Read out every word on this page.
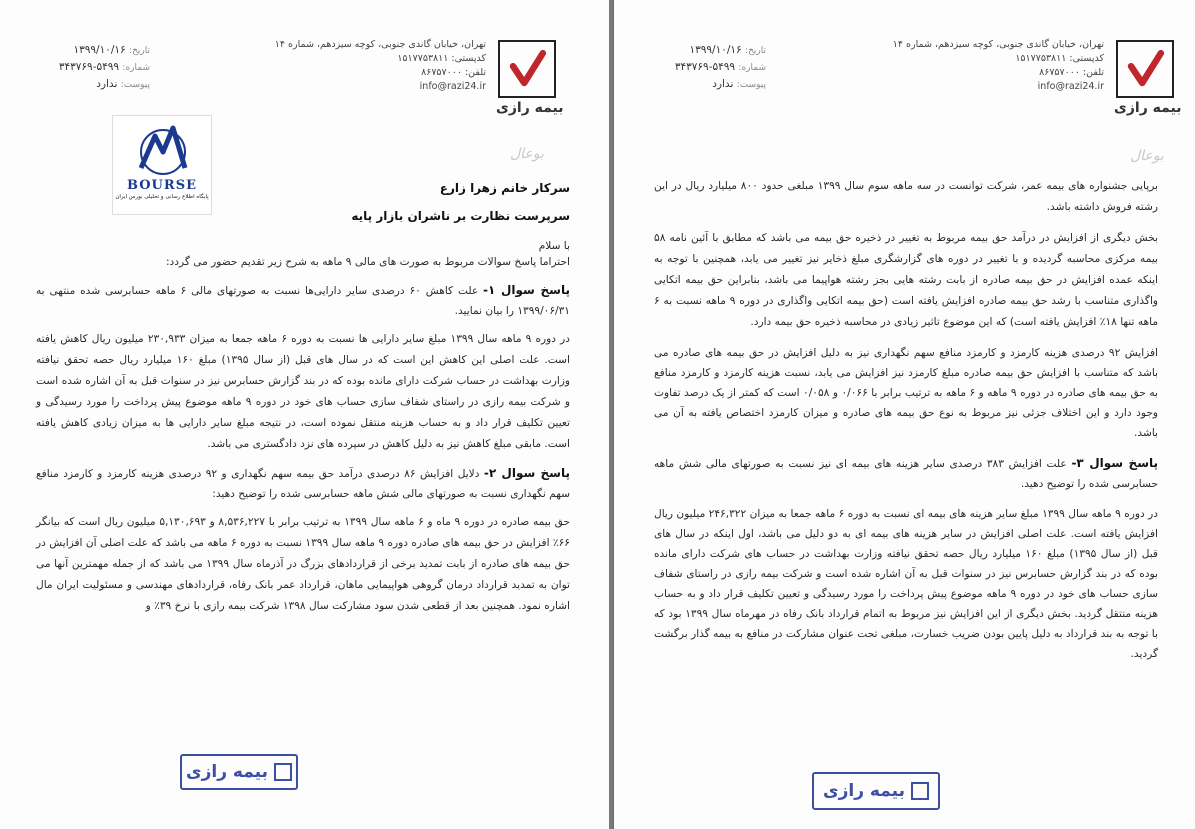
بیمه رازی
تهران، خیابان گاندی جنوبی، کوچه سیزدهم، شماره ۱۴
کدپستی: ۱۵۱۷۷۵۳۸۱۱
تلفن: ۸۶۷۵۷۰۰۰
info@razi24.ir
تاریخ: ۱۳۹۹/۱۰/۱۶
شماره: ۵۴۹۹-۳۴۳۷۶۹
پیوست: ندارد
بوعال
BOURSE
پایگاه اطلاع رسانی و تحلیلی بورس ایران

سرکار خانم زهرا زارع

سرپرست نظارت بر ناشران بازار پایه

با سلام

احتراما پاسخ سوالات مربوط به صورت های مالی ۹ ماهه به شرح زیر تقدیم حضور می گردد:

پاسخ سوال ۱- علت کاهش ۶۰ درصدی سایر دارایی‌ها نسبت به صورتهای مالی ۶ ماهه حسابرسی شده منتهی به ۱۳۹۹/۰۶/۳۱ را بیان نمایید.

در دوره ۹ ماهه سال ۱۳۹۹ مبلغ سایر دارایی ها نسبت به دوره ۶ ماهه جمعا به میزان ۲۳۰,۹۳۳ میلیون ریال کاهش یافته است. علت اصلی این کاهش این است که در سال های قبل (از سال ۱۳۹۵) مبلغ ۱۶۰ میلیارد ریال حصه تحقق نیافته وزارت بهداشت در حساب شرکت دارای مانده بوده که در بند گزارش حسابرس نیز در سنوات قبل به آن اشاره شده است و شرکت بیمه رازی در راستای شفاف سازی حساب های خود در دوره ۹ ماهه موضوع پیش پرداخت را مورد رسیدگی و تعیین تکلیف قرار داد و به حساب هزینه منتقل نموده است، در نتیجه مبلغ سایر دارایی ها به میزان زیادی کاهش یافته است. مابقی مبلغ کاهش نیز به دلیل کاهش در سپرده های نزد دادگستری می باشد.

پاسخ سوال ۲- دلایل افزایش ۸۶ درصدی درآمد حق بیمه سهم نگهداری و ۹۲ درصدی هزینه کارمزد و کارمزد منافع سهم نگهداری نسبت به صورتهای مالی شش ماهه حسابرسی شده را توضیح دهید:

حق بیمه صادره در دوره ۹ ماه و ۶ ماهه سال ۱۳۹۹ به ترتیب برابر با ۸,۵۳۶,۲۲۷ و ۵,۱۳۰,۶۹۳ میلیون ریال است که بیانگر ۶۶٪ افزایش در حق بیمه های صادره دوره ۹ ماهه سال ۱۳۹۹ نسبت به دوره ۶ ماهه می باشد که علت اصلی آن افزایش در حق بیمه های صادره از بابت تمدید برخی از قراردادهای بزرگ در آذرماه سال ۱۳۹۹ می باشد که از جمله مهمترین آنها می توان به تمدید قرارداد درمان گروهی هواپیمایی ماهان، قرارداد عمر بانک رفاه، قراردادهای مهندسی و مسئولیت ایران مال اشاره نمود. همچنین بعد از قطعی شدن سود مشارکت سال ۱۳۹۸ شرکت بیمه رازی با نرخ ۳۹٪ و

بیمه رازی
بیمه رازی
تهران، خیابان گاندی جنوبی، کوچه سیزدهم، شماره ۱۴
کدپستی: ۱۵۱۷۷۵۳۸۱۱
تلفن: ۸۶۷۵۷۰۰۰
info@razi24.ir
تاریخ: ۱۳۹۹/۱۰/۱۶
شماره: ۵۴۹۹-۳۴۳۷۶۹
پیوست: ندارد
بوعال

برپایی جشنواره های بیمه عمر، شرکت توانست در سه ماهه سوم سال ۱۳۹۹ مبلغی حدود ۸۰۰ میلیارد ریال در این رشته فروش داشته باشد.

بخش دیگری از افزایش در درآمد حق بیمه مربوط به تغییر در ذخیره حق بیمه می باشد که مطابق با آئین نامه ۵۸ بیمه مرکزی محاسبه گردیده و با تغییر در دوره های گزارشگری مبلغ ذخایر نیز تغییر می یابد، همچنین با توجه به اینکه عمده افزایش در حق بیمه صادره از بابت رشته هایی بجز رشته هواپیما می باشد، بنابراین حق بیمه اتکایی واگذاری متناسب با رشد حق بیمه صادره افزایش یافته است (حق بیمه اتکایی واگذاری در دوره ۹ ماهه نسبت به ۶ ماهه تنها ۱۸٪ افزایش یافته است) که این موضوع تاثیر زیادی در محاسبه ذخیره حق بیمه دارد.

افزایش ۹۲ درصدی هزینه کارمزد و کارمزد منافع سهم نگهداری نیز به دلیل افزایش در حق بیمه های صادره می باشد که متناسب با افزایش حق بیمه صادره مبلغ کارمزد نیز افزایش می یابد، نسبت هزینه کارمزد و کارمزد منافع به حق بیمه های صادره در دوره ۹ ماهه و ۶ ماهه به ترتیب برابر با ۰/۰۶۶ و ۰/۰۵۸ است که کمتر از یک درصد تفاوت وجود دارد و این اختلاف جزئی نیز مربوط به نوع حق بیمه های صادره و میزان کارمزد اختصاص یافته به آن می باشد.

پاسخ سوال ۳- علت افزایش ۳۸۳ درصدی سایر هزینه های بیمه ای نیز نسبت به صورتهای مالی شش ماهه حسابرسی شده را توضیح دهید.

در دوره ۹ ماهه سال ۱۳۹۹ مبلغ سایر هزینه های بیمه ای نسبت به دوره ۶ ماهه جمعا به میزان ۲۴۶,۳۲۲ میلیون ریال افزایش یافته است. علت اصلی افزایش در سایر هزینه های بیمه ای به دو دلیل می باشد، اول اینکه در سال های قبل (از سال ۱۳۹۵) مبلغ ۱۶۰ میلیارد ریال حصه تحقق نیافته وزارت بهداشت در حساب های شرکت دارای مانده بوده که در بند گزارش حسابرس نیز در سنوات قبل به آن اشاره شده است و شرکت بیمه رازی در راستای شفاف سازی حساب های خود در دوره ۹ ماهه موضوع پیش پرداخت را مورد رسیدگی و تعیین تکلیف قرار داد و به حساب هزینه منتقل گردید. بخش دیگری از این افزایش نیز مربوط به اتمام قرارداد بانک رفاه در مهرماه سال ۱۳۹۹ بود که با توجه به بند قرارداد به دلیل پایین بودن ضریب خسارت، مبلغی تحت عنوان مشارکت در منافع به بیمه گذار برگشت گردید.

بیمه رازی
